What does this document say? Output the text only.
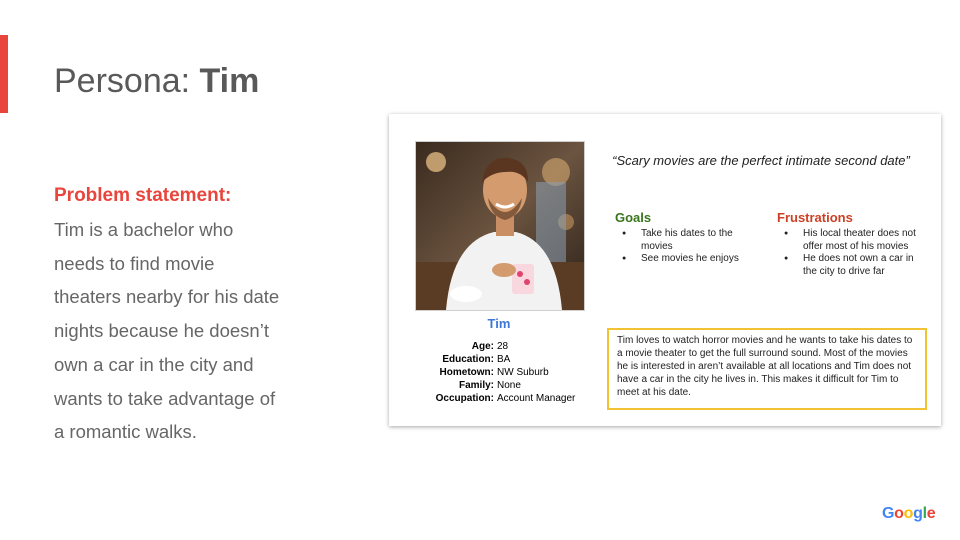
Persona: Tim
Problem statement:
Tim is a bachelor who needs to find movie theaters nearby for his date nights because he doesn’t own a car in the city and wants to take advantage of a romantic walks.
Tim
Age: 28
Education: BA
Hometown: NW Suburb
Family: None
Occupation: Account Manager
“Scary movies are the perfect intimate second date”
Goals
● Take his dates to the movies
● See movies he enjoys
Frustrations
● His local theater does not offer most of his movies
● He does not own a car in the city to drive far
Tim loves to watch horror movies and he wants to take his dates to a movie theater to get the full surround sound. Most of the movies he is interested in aren’t available at all locations and Tim does not have a car in the city he lives in. This makes it difficult for Tim to meet at his date.
Google
